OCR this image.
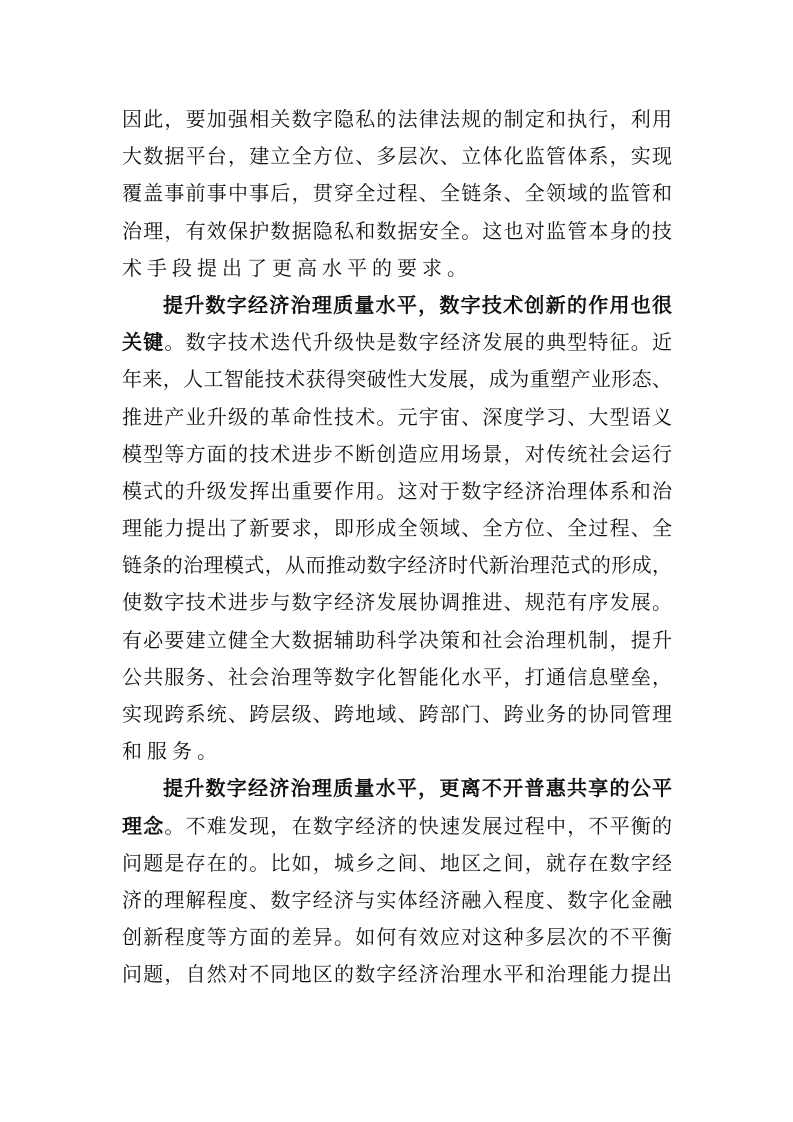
因此，要加强相关数字隐私的法律法规的制定和执行，利用
大数据平台，建立全方位、多层次、立体化监管体系，实现
覆盖事前事中事后，贯穿全过程、全链条、全领域的监管和
治理，有效保护数据隐私和数据安全。这也对监管本身的技
术手段提出了更高水平的要求。
提升数字经济治理质量水平，数字技术创新的作用也很
关键。数字技术迭代升级快是数字经济发展的典型特征。近
年来，人工智能技术获得突破性大发展，成为重塑产业形态、
推进产业升级的革命性技术。元宇宙、深度学习、大型语义
模型等方面的技术进步不断创造应用场景，对传统社会运行
模式的升级发挥出重要作用。这对于数字经济治理体系和治
理能力提出了新要求，即形成全领域、全方位、全过程、全
链条的治理模式，从而推动数字经济时代新治理范式的形成，
使数字技术进步与数字经济发展协调推进、规范有序发展。
有必要建立健全大数据辅助科学决策和社会治理机制，提升
公共服务、社会治理等数字化智能化水平，打通信息壁垒，
实现跨系统、跨层级、跨地域、跨部门、跨业务的协同管理
和服务。
提升数字经济治理质量水平，更离不开普惠共享的公平
理念。不难发现，在数字经济的快速发展过程中，不平衡的
问题是存在的。比如，城乡之间、地区之间，就存在数字经
济的理解程度、数字经济与实体经济融入程度、数字化金融
创新程度等方面的差异。如何有效应对这种多层次的不平衡
问题，自然对不同地区的数字经济治理水平和治理能力提出
